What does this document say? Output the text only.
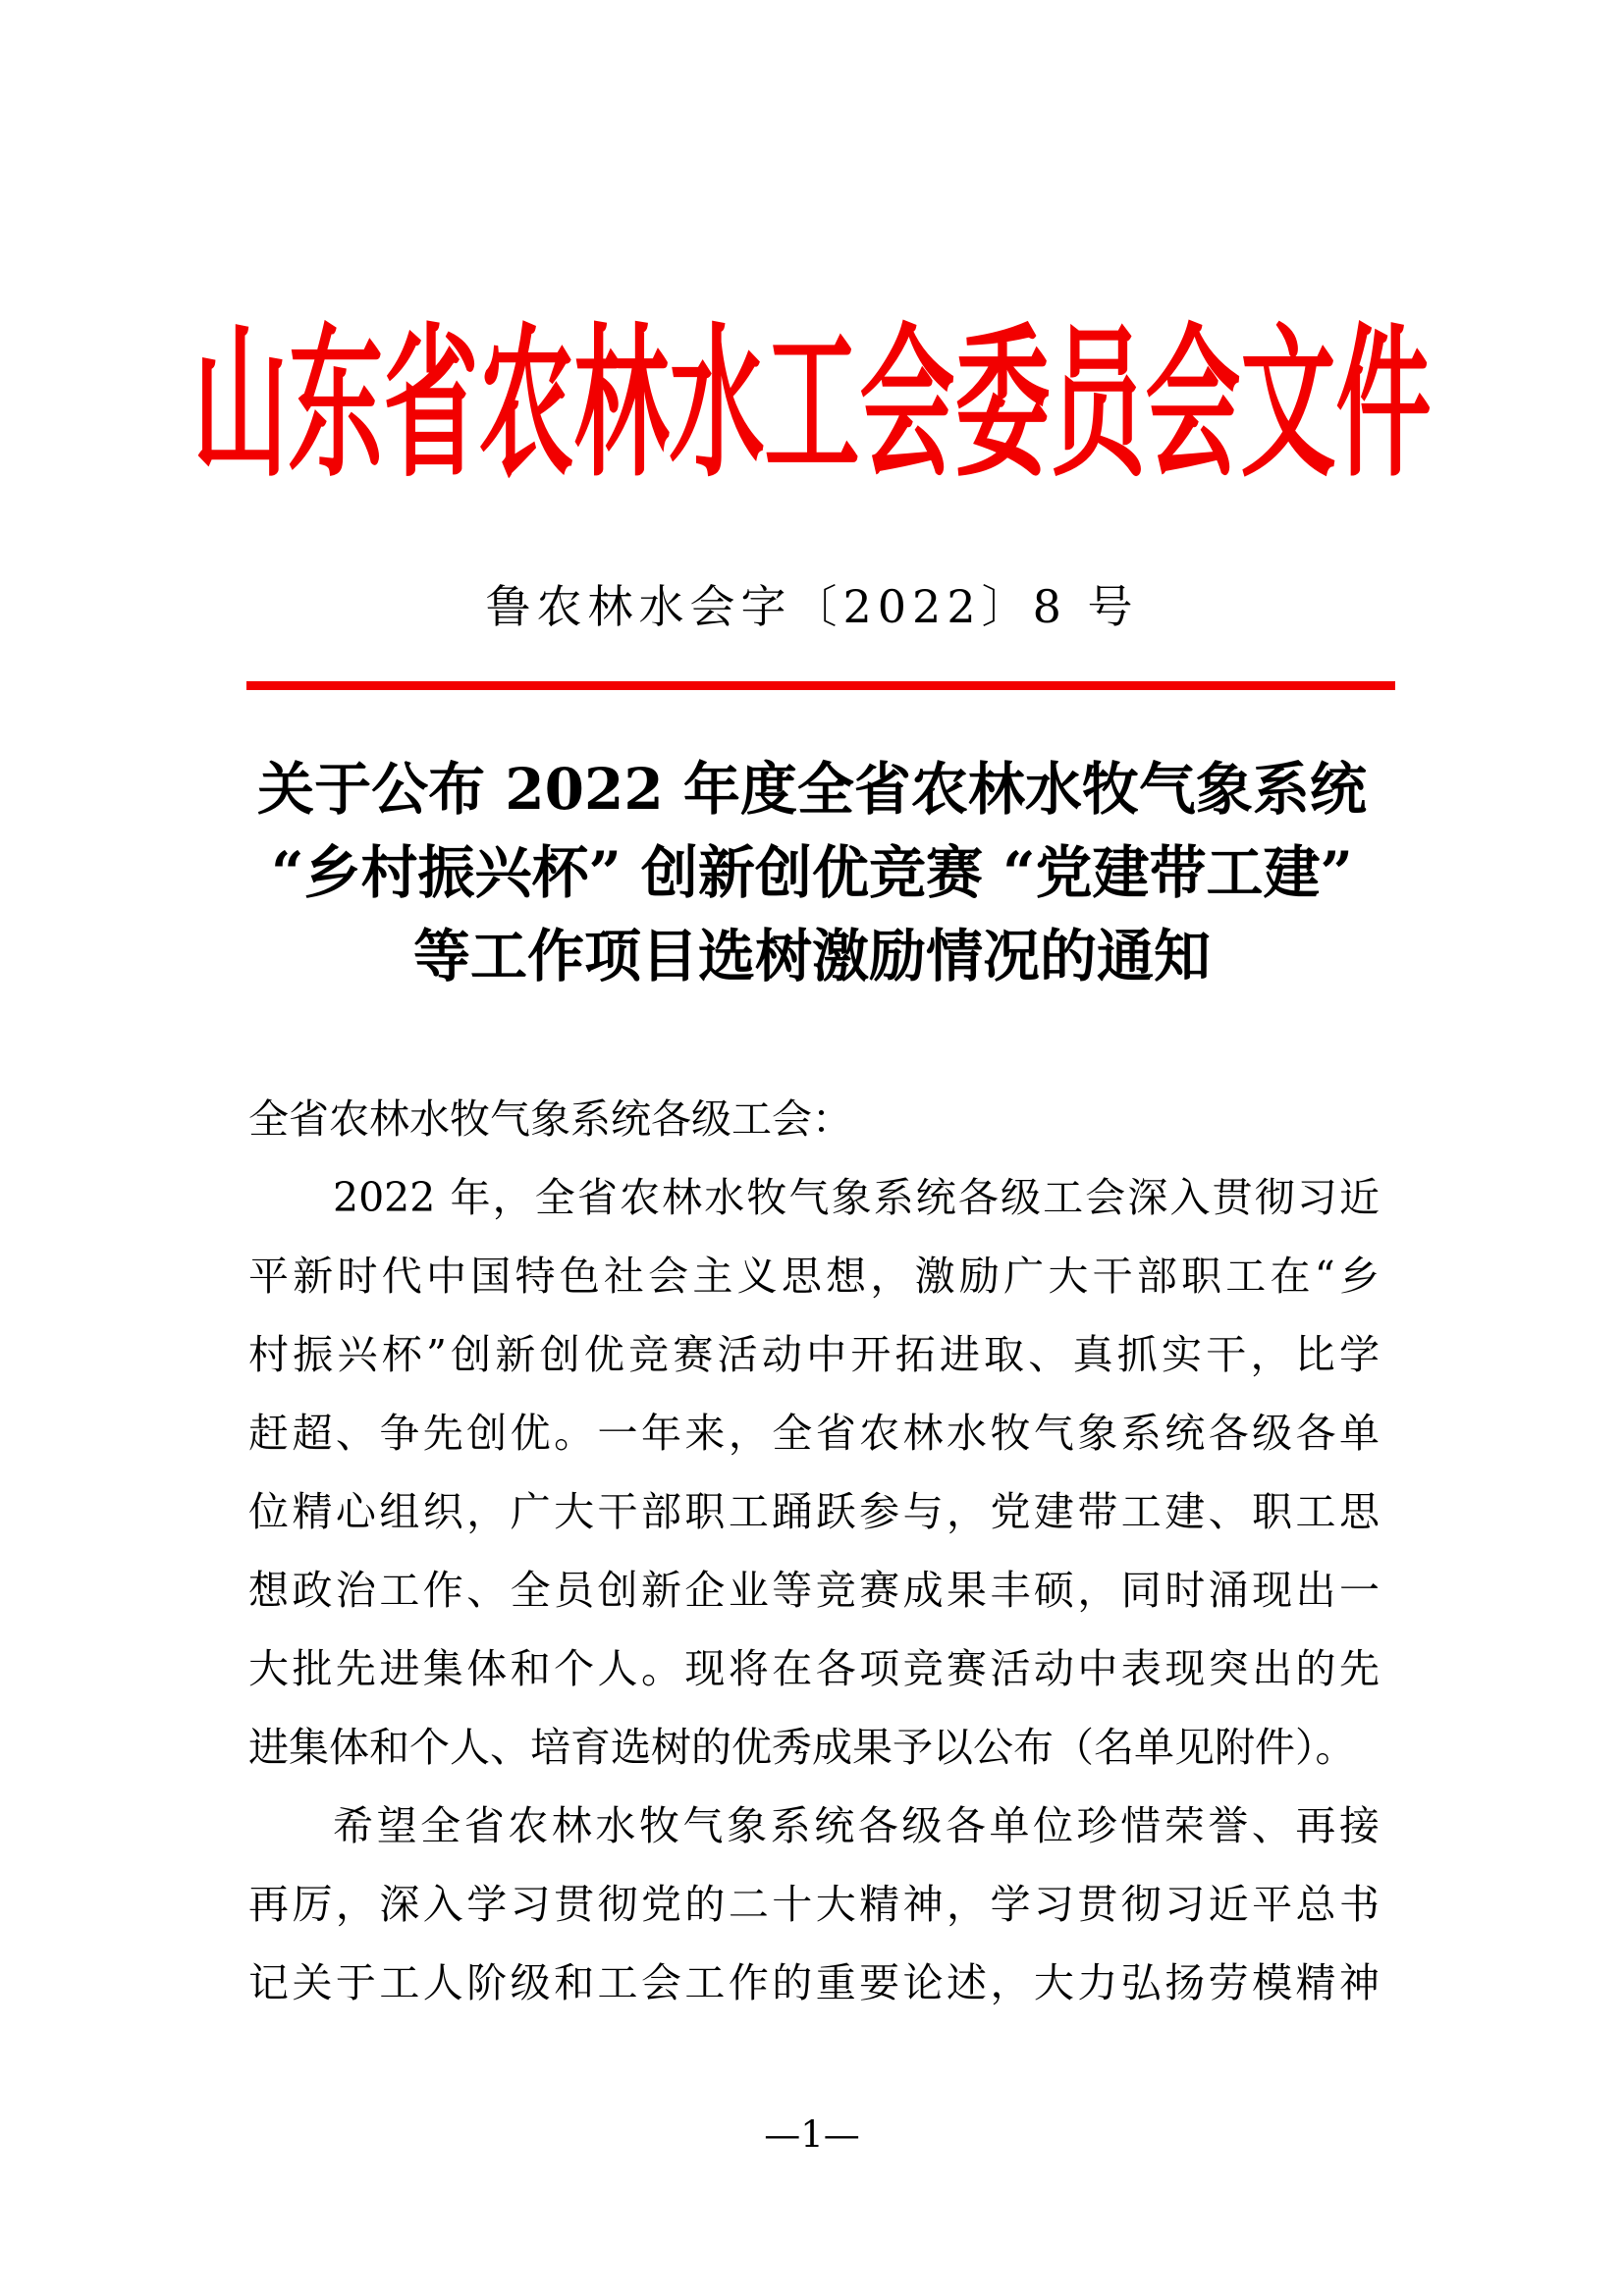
山东省农林水工会委员会文件
鲁农林水会字〔2022〕8 号
关于公布 2022 年度全省农林水牧气象系统
“乡村振兴杯” 创新创优竞赛 “党建带工建”
等工作项目选树激励情况的通知
全省农林水牧气象系统各级工会：
2022 年，全省农林水牧气象系统各级工会深入贯彻习近
平新时代中国特色社会主义思想，激励广大干部职工在“乡
村振兴杯”创新创优竞赛活动中开拓进取、真抓实干，比学
赶超、争先创优。一年来，全省农林水牧气象系统各级各单
位精心组织，广大干部职工踊跃参与，党建带工建、职工思
想政治工作、全员创新企业等竞赛成果丰硕，同时涌现出一
大批先进集体和个人。现将在各项竞赛活动中表现突出的先
进集体和个人、培育选树的优秀成果予以公布（名单见附件）。
希望全省农林水牧气象系统各级各单位珍惜荣誉、再接
再厉，深入学习贯彻党的二十大精神，学习贯彻习近平总书
记关于工人阶级和工会工作的重要论述，大力弘扬劳模精神
—1—
